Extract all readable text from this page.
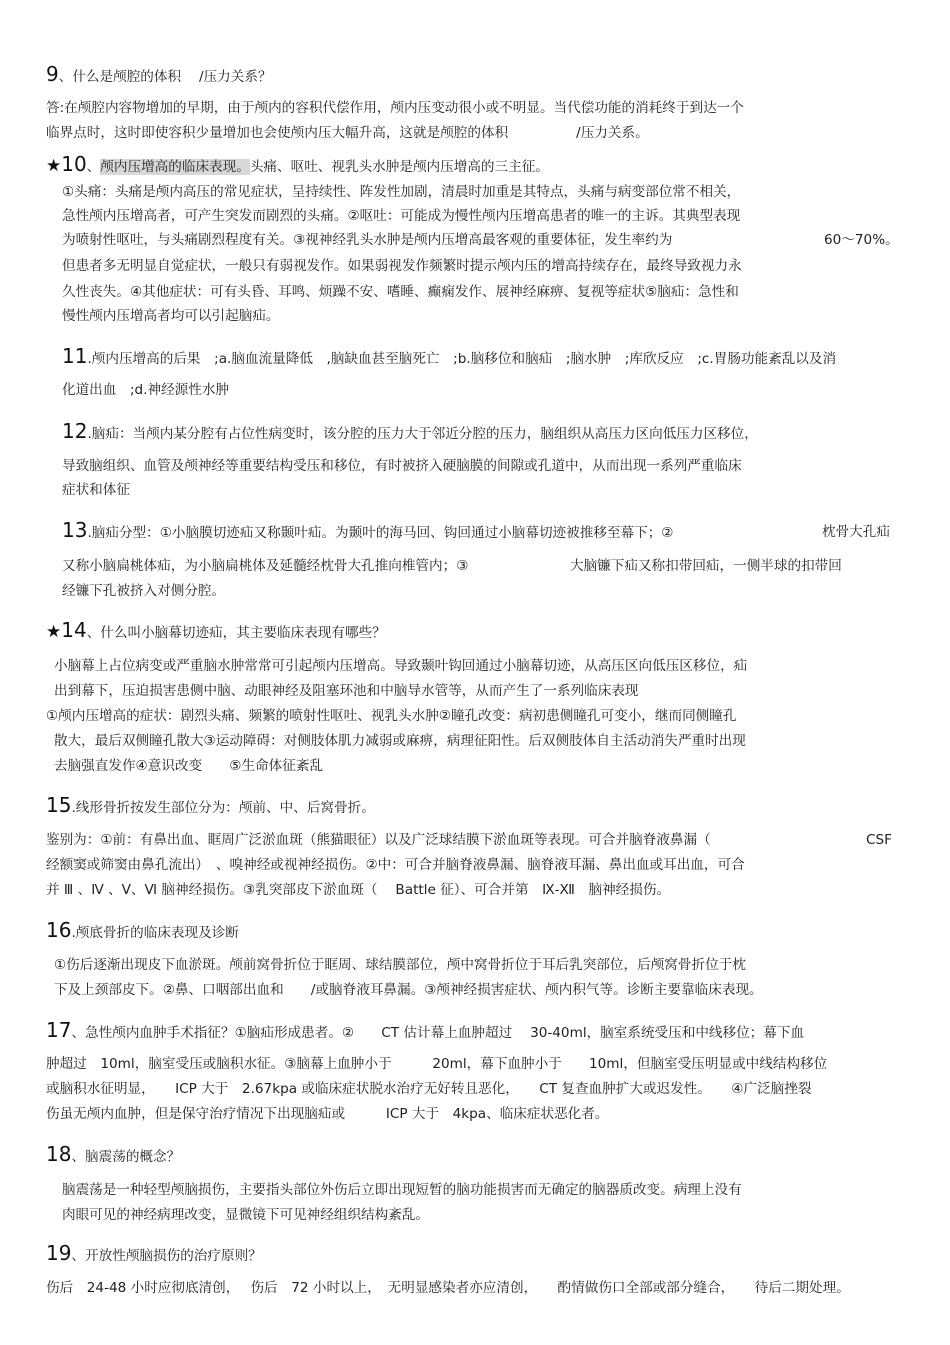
9、什么是颅腔的体积　 /压力关系？
答:在颅腔内容物增加的早期，由于颅内的容积代偿作用，颅内压变动很小或不明显。当代偿功能的消耗终于到达一个
临界点时，这时即使容积少量增加也会使颅内压大幅升高，这就是颅腔的体积　　　　　/压力关系。
★10、颅内压增高的临床表现。头痛、呕吐、视乳头水肿是颅内压增高的三主征。
①头痛：头痛是颅内高压的常见症状，呈持续性、阵发性加剧，清晨时加重是其特点，头痛与病变部位常不相关，
急性颅内压增高者，可产生突发而剧烈的头痛。②呕吐：可能成为慢性颅内压增高患者的唯一的主诉。其典型表现
为喷射性呕吐，与头痛剧烈程度有关。③视神经乳头水肿是颅内压增高最客观的重要体征，发生率约为	60～70%。
但患者多无明显自觉症状，一般只有弱视发作。如果弱视发作频繁时提示颅内压的增高持续存在，最终导致视力永
久性丧失。④其他症状：可有头昏、耳鸣、烦躁不安、嗜睡、癫痫发作、展神经麻痹、复视等症状⑤脑疝：急性和
慢性颅内压增高者均可以引起脑疝。
11.颅内压增高的后果　;a.脑血流量降低　,脑缺血甚至脑死亡　;b.脑移位和脑疝　;脑水肿　;库欣反应　;c.胃肠功能紊乱以及消
化道出血　;d.神经源性水肿
12.脑疝：当颅内某分腔有占位性病变时，该分腔的压力大于邻近分腔的压力，脑组织从高压力区向低压力区移位，
导致脑组织、血管及颅神经等重要结构受压和移位，有时被挤入硬脑膜的间隙或孔道中，从而出现一系列严重临床
症状和体征
13.脑疝分型：①小脑膜切迹疝又称颞叶疝。为颞叶的海马回、钩回通过小脑幕切迹被推移至幕下；②	枕骨大孔疝
又称小脑扁桃体疝，为小脑扁桃体及延髓经枕骨大孔推向椎管内；③	大脑镰下疝又称扣带回疝，一侧半球的扣带回
经镰下孔被挤入对侧分腔。
★14、什么叫小脑幕切迹疝，其主要临床表现有哪些？
小脑幕上占位病变或严重脑水肿常常可引起颅内压增高。导致颞叶钩回通过小脑幕切迹，从高压区向低压区移位，疝
出到幕下，压迫损害患侧中脑、动眼神经及阻塞环池和中脑导水管等，从而产生了一系列临床表现
①颅内压增高的症状：剧烈头痛、频繁的喷射性呕吐、视乳头水肿②瞳孔改变：病初患侧瞳孔可变小，继而同侧瞳孔
散大，最后双侧瞳孔散大③运动障碍：对侧肢体肌力减弱或麻痹，病理征阳性。后双侧肢体自主活动消失严重时出现
去脑强直发作④意识改变　　⑤生命体征紊乱
15.线形骨折按发生部位分为：颅前、中、后窝骨折。
鉴别为：①前：有鼻出血、眶周广泛淤血斑（熊猫眼征）以及广泛球结膜下淤血斑等表现。可合并脑脊液鼻漏（	CSF
经额窦或筛窦由鼻孔流出）　、嗅神经或视神经损伤。②中：可合并脑脊液鼻漏、脑脊液耳漏、鼻出血或耳出血，可合
并 Ⅲ 、Ⅳ 、Ⅴ、Ⅵ 脑神经损伤。③乳突部皮下淤血斑（　 Battle 征）、可合并第　Ⅸ-Ⅻ　脑神经损伤。
16.颅底骨折的临床表现及诊断
①伤后逐渐出现皮下血淤斑。颅前窝骨折位于眶周、球结膜部位，颅中窝骨折位于耳后乳突部位，后颅窝骨折位于枕
下及上颈部皮下。②鼻、口咽部出血和　　/或脑脊液耳鼻漏。③颅神经损害症状、颅内积气等。诊断主要靠临床表现。
17、急性颅内血肿手术指征？①脑疝形成患者。②　　CT 估计幕上血肿超过　 30-40ml，脑室系统受压和中线移位；幕下血
肿超过　10ml，脑室受压或脑积水征。③脑幕上血肿小于　　　20ml，幕下血肿小于　　10ml，但脑室受压明显或中线结构移位
或脑积水征明显，　　ICP 大于　2.67kpa 或临床症状脱水治疗无好转且恶化，　　CT 复查血肿扩大或迟发性。　　④广泛脑挫裂
伤虽无颅内血肿，但是保守治疗情况下出现脑疝或　　　ICP 大于　4kpa、临床症状恶化者。
18、脑震荡的概念？
脑震荡是一种轻型颅脑损伤，主要指头部位外伤后立即出现短暂的脑功能损害而无确定的脑器质改变。病理上没有
肉眼可见的神经病理改变，显微镜下可见神经组织结构紊乱。
19、开放性颅脑损伤的治疗原则？
伤后　24-48 小时应彻底清创，　 伤后　72 小时以上，　无明显感染者亦应清创，　　酌情做伤口全部或部分缝合，　　待后二期处理。
